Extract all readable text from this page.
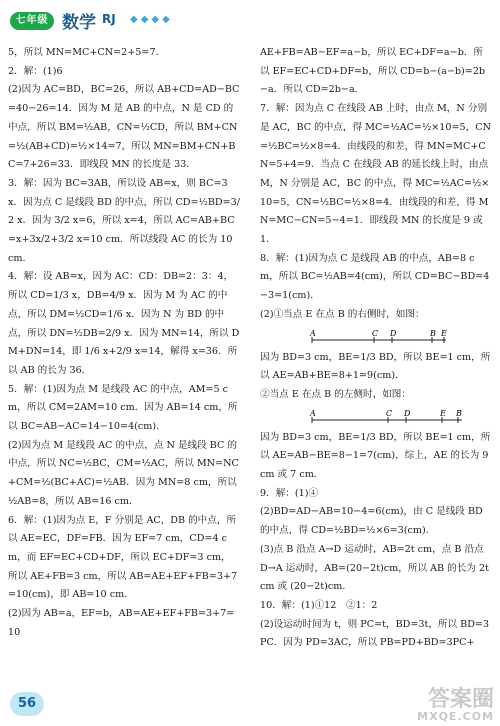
七年级 数学 RJ ◆◆◆◆

5，所以 MN=MC+CN=2+5=7.

2．解：(1)6

(2)因为 AC=BD，BC=26，所以 AB+CD=AD−BC=40−26=14．因为 M 是 AB 的中点，N 是 CD 的中点，所以 BM=½AB，CN=½CD，所以 BM+CN=½(AB+CD)=½×14=7，所以 MN=BM+CN+BC=7+26=33．即线段 MN 的长度是 33．

3．解：因为 BC=3AB，所以设 AB=x，则 BC=3x．因为点 C 是线段 BD 的中点，所以 CD=½BD=3/2 x．因为 3/2 x=6，所以 x=4，所以 AC=AB+BC=x+3x/2+3/2 x=10 cm．所以线段 AC 的长为 10 cm．

4．解：设 AB=x，因为 AC：CD：DB=2：3：4，所以 CD=1/3 x，DB=4/9 x．因为 M 为 AC 的中点，所以 DM=½CD=1/6 x．因为 N 为 BD 的中点，所以 DN=½DB=2/9 x．因为 MN=14，所以 DM+DN=14，即 1/6 x+2/9 x=14，解得 x=36．所以 AB 的长为 36．

5．解：(1)因为点 M 是线段 AC 的中点，AM=5 cm，所以 CM=2AM=10 cm．因为 AB=14 cm，所以 BC=AB−AC=14−10=4(cm)．

(2)因为点 M 是线段 AC 的中点，点 N 是线段 BC 的中点，所以 NC=½BC，CM=½AC，所以 MN=NC+CM=½(BC+AC)=½AB．因为 MN=8 cm，所以 ½AB=8，所以 AB=16 cm．

6．解：(1)因为点 E，F 分别是 AC，DB 的中点，所以 AE=EC，DF=FB．因为 EF=7 cm，CD=4 cm，而 EF=EC+CD+DF，所以 EC+DF=3 cm，所以 AE+FB=3 cm，所以 AB=AE+EF+FB=3+7=10(cm)，即 AB=10 cm．

(2)因为 AB=a，EF=b，AB=AE+EF+FB=3+7=10

AE+FB=AB−EF=a−b，所以 EC+DF=a−b．所以 EF=EC+CD+DF=b，所以 CD=b−(a−b)=2b−a．所以 CD=2b−a．

7．解：因为点 C 在线段 AB 上时，由点 M，N 分别是 AC，BC 的中点，得 MC=½AC=½×10=5，CN=½BC=½×8=4．由线段的和差，得 MN=MC+CN=5+4=9．当点 C 在线段 AB 的延长线上时，由点 M，N 分别是 AC，BC 的中点，得 MC=½AC=½×10=5，CN=½BC=½×8=4．由线段的和差，得 MN=MC−CN=5−4=1．即线段 MN 的长度是 9 或 1．

8．解：(1)因为点 C 是线段 AB 的中点，AB=8 cm，所以 BC=½AB=4(cm)，所以 CD=BC−BD=4−3=1(cm)．

(2)①当点 E 在点 B 的右侧时，如图：

A	C D	B E

因为 BD=3 cm，BE=1/3 BD，所以 BE=1 cm，所以 AE=AB+BE=8+1=9(cm)．

②当点 E 在点 B 的左侧时，如图：

A	C D	E B

因为 BD=3 cm，BE=1/3 BD，所以 BE=1 cm，所以 AE=AB−BE=8−1=7(cm)，综上，AE 的长为 9 cm 或 7 cm．

9．解：(1)④

(2)BD=AD−AB=10−4=6(cm)，由 C 是线段 BD 的中点，得 CD=½BD=½×6=3(cm)．

(3)点 B 沿点 A→D 运动时，AB=2t cm，点 B 沿点 D→A 运动时，AB=(20−2t)cm，所以 AB 的长为 2t cm 或 (20−2t)cm．

10．解：(1)①12　②1：2

(2)设运动时间为 t，则 PC=t，BD=3t，所以 BD=3PC．因为 PD=3AC，所以 PB=PD+BD=3PC+

56	答案圈
MXQE.COM
